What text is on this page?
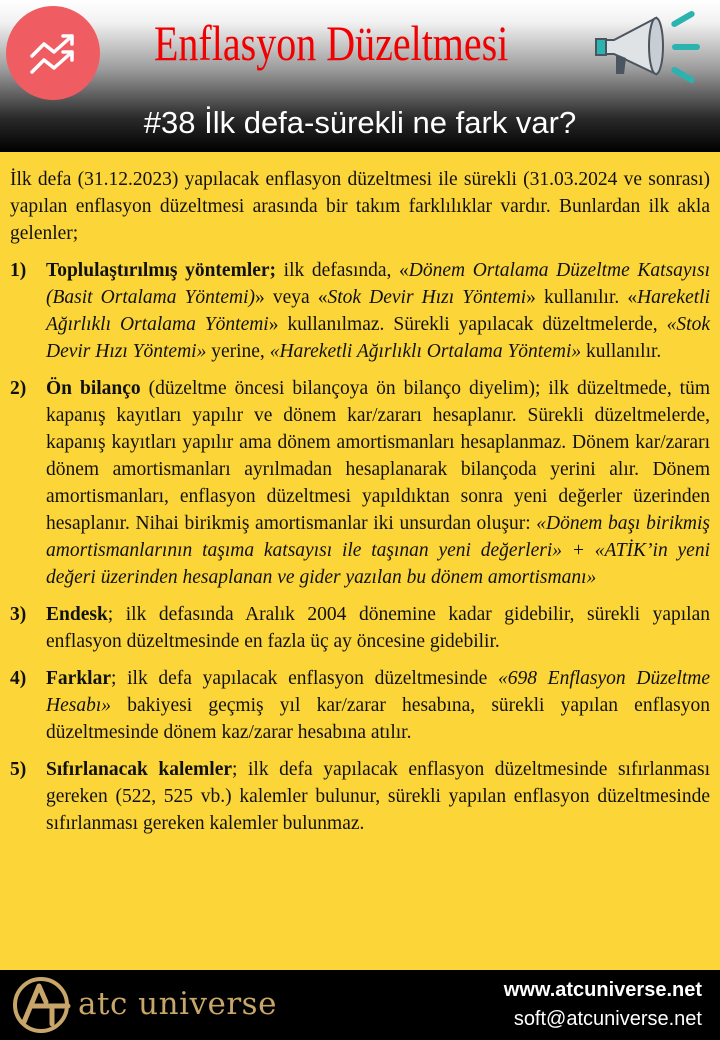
Enflasyon Düzeltmesi
#38 İlk defa-sürekli ne fark var?

İlk defa (31.12.2023) yapılacak enflasyon düzeltmesi ile sürekli (31.03.2024 ve sonrası) yapılan enflasyon düzeltmesi arasında bir takım farklılıklar vardır. Bunlardan ilk akla gelenler;

1)	Toplulaştırılmış yöntemler; ilk defasında, «Dönem Ortalama Düzeltme Katsayısı (Basit Ortalama Yöntemi)» veya «Stok Devir Hızı Yöntemi» kullanılır. «Hareketli Ağırlıklı Ortalama Yöntemi» kullanılmaz. Sürekli yapılacak düzeltmelerde, «Stok Devir Hızı Yöntemi» yerine, «Hareketli Ağırlıklı Ortalama Yöntemi» kullanılır.
2)	Ön bilanço (düzeltme öncesi bilançoya ön bilanço diyelim); ilk düzeltmede, tüm kapanış kayıtları yapılır ve dönem kar/zararı hesaplanır. Sürekli düzeltmelerde, kapanış kayıtları yapılır ama dönem amortismanları hesaplanmaz. Dönem kar/zararı dönem amortismanları ayrılmadan hesaplanarak bilançoda yerini alır. Dönem amortismanları, enflasyon düzeltmesi yapıldıktan sonra yeni değerler üzerinden hesaplanır. Nihai birikmiş amortismanlar iki unsurdan oluşur: «Dönem başı birikmiş amortismanlarının taşıma katsayısı ile taşınan yeni değerleri» + «ATİK’in yeni değeri üzerinden hesaplanan ve gider yazılan bu dönem amortismanı»
3)	Endesk; ilk defasında Aralık 2004 dönemine kadar gidebilir, sürekli yapılan enflasyon düzeltmesinde en fazla üç ay öncesine gidebilir.
4)	Farklar; ilk defa yapılacak enflasyon düzeltmesinde «698 Enflasyon Düzeltme Hesabı» bakiyesi geçmiş yıl kar/zarar hesabına, sürekli yapılan enflasyon düzeltmesinde dönem kaz/zarar hesabına atılır.
5)	Sıfırlanacak kalemler; ilk defa yapılacak enflasyon düzeltmesinde sıfırlanması gereken (522, 525 vb.) kalemler bulunur, sürekli yapılan enflasyon düzeltmesinde sıfırlanması gereken kalemler bulunmaz.
atc universe	www.atcuniverse.net
soft@atcuniverse.net
